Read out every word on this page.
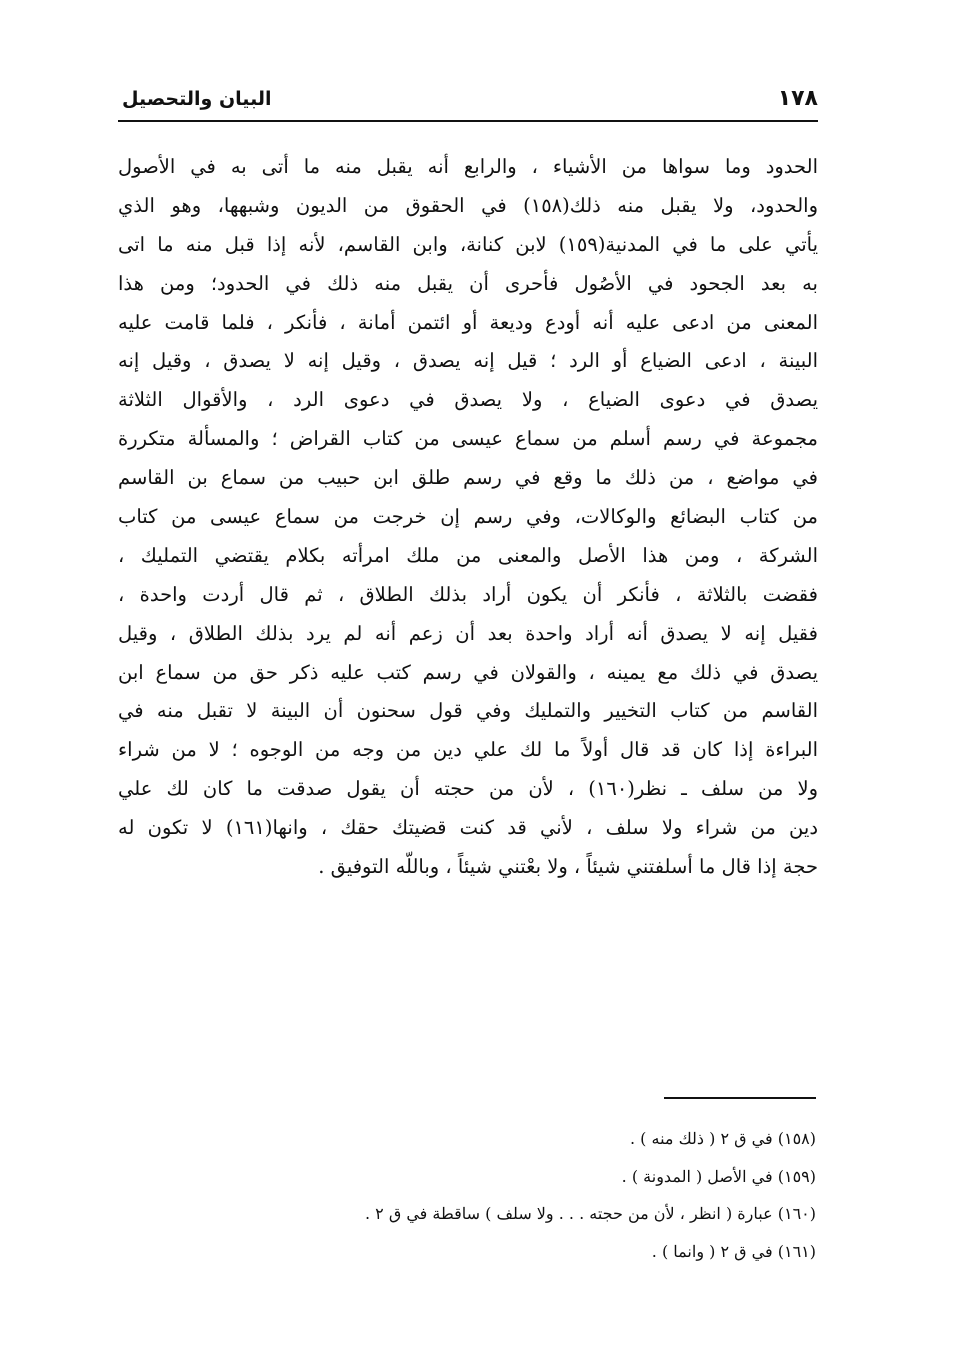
١٧٨
البيان والتحصيل
الحدود وما سواها من الأشياء ، والرابع أنه يقبل منه ما أتى به في الأصول
والحدود، ولا يقبل منه ذلك(١٥٨) في الحقوق من الديون وشبهها، وهو الذي
يأتي على ما في المدنية(١٥٩) لابن كنانة، وابن القاسم، لأنه إذا قبل منه ما اتى
به بعد الجحود في الأصُول فأحرى أن يقبل منه ذلك في الحدود؛ ومن هذا
المعنى من ادعى عليه أنه أودع وديعة أو ائتمن أمانة ، فأنكر ، فلما قامت عليه
البينة ، ادعى الضياع أو الرد ؛ قيل إنه يصدق ، وقيل إنه لا يصدق ، وقيل إنه
يصدق في دعوى الضياع ، ولا يصدق في دعوى الرد ، والأقوال الثلاثة
مجموعة في رسم أسلم من سماع عيسى من كتاب القراض ؛ والمسألة متكررة
في مواضع ، من ذلك ما وقع في رسم طلق ابن حبيب من سماع بن القاسم
من كتاب البضائع والوكالات، وفي رسم إن خرجت من سماع عيسى من كتاب
الشركة ، ومن هذا الأصل والمعنى من ملك امرأته بكلام يقتضي التمليك ،
فقضت بالثلاثة ، فأنكر أن يكون أراد بذلك الطلاق ، ثم قال أردت واحدة ،
فقيل إنه لا يصدق أنه أراد واحدة بعد أن زعم أنه لم يرد بذلك الطلاق ، وقيل
يصدق في ذلك مع يمينه ، والقولان في رسم كتب عليه ذكر حق من سماع ابن
القاسم من كتاب التخيير والتمليك وفي قول سحنون أن البينة لا تقبل منه في
البراءة إذا كان قد قال أولاً ما لك علي دين من وجه من الوجوه ؛ لا من شراء
ولا من سلف ـ نظر(١٦٠) ، لأن من حجته أن يقول صدقت ما كان لك علي
دين من شراء ولا سلف ، لأني قد كنت قضيتك حقك ، وانها(١٦١) لا تكون له
حجة إذا قال ما أسلفتني شيئاً ، ولا بعْتني شيئاً ، وباللّه التوفيق .
(١٥٨) في ق ٢ ( ذلك منه ) .
(١٥٩) في الأصل ( المدونة ) .
(١٦٠) عبارة ( انظر ، لأن من حجته . . . ولا سلف ) ساقطة في ق ٢ .
(١٦١) في ق ٢ ( وانما ) .
